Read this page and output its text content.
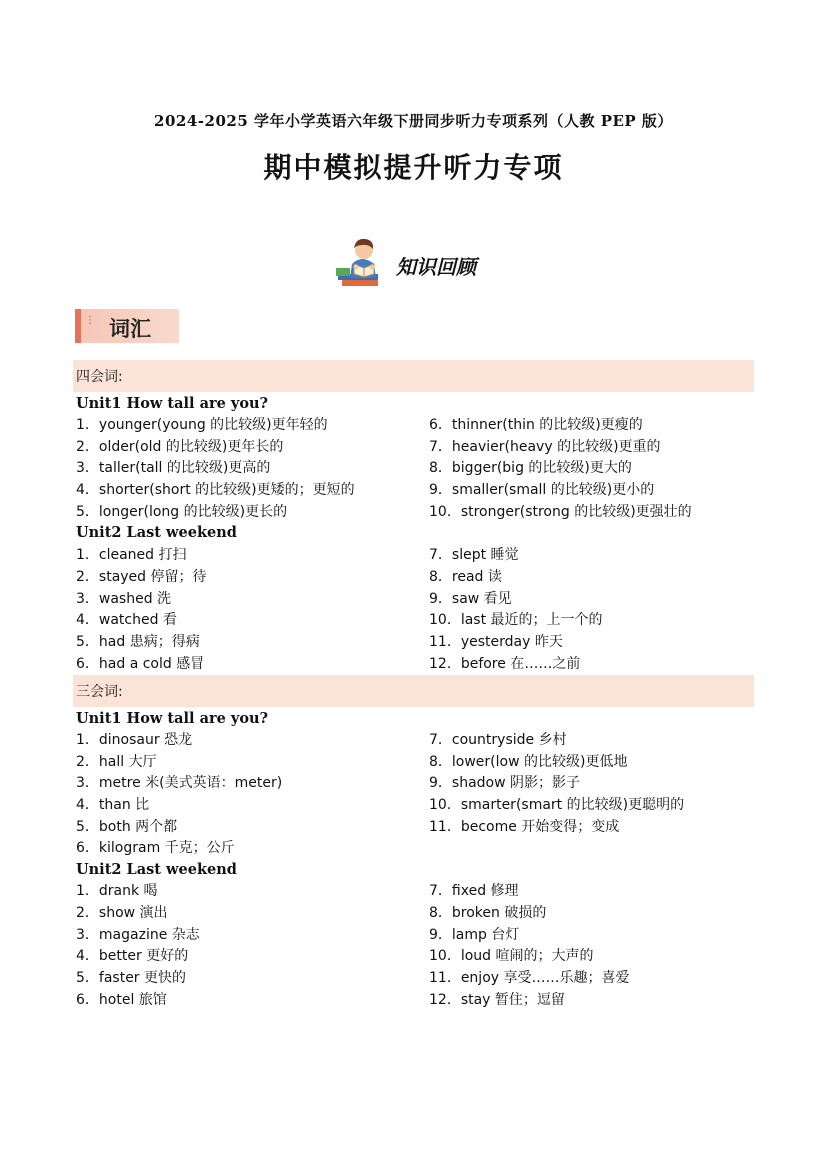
2024-2025 学年小学英语六年级下册同步听力专项系列（人教 PEP 版）
期中模拟提升听力专项
知识回顾
⋮ 词汇
四会词:
Unit1 How tall are you?
1．younger(young 的比较级)更年轻的
2．older(old 的比较级)更年长的
3．taller(tall 的比较级)更高的
4．shorter(short 的比较级)更矮的；更短的
5．longer(long 的比较级)更长的
6．thinner(thin 的比较级)更瘦的
7．heavier(heavy 的比较级)更重的
8．bigger(big 的比较级)更大的
9．smaller(small 的比较级)更小的
10．stronger(strong 的比较级)更强壮的
Unit2 Last weekend
1．cleaned 打扫
2．stayed 停留；待
3．washed 洗
4．watched 看
5．had 患病；得病
6．had a cold 感冒
7．slept 睡觉
8．read 读
9．saw 看见
10．last 最近的；上一个的
11．yesterday 昨天
12．before 在……之前
三会词:
Unit1 How tall are you?
1．dinosaur 恐龙
2．hall 大厅
3．metre 米(美式英语：meter)
4．than 比
5．both 两个都
6．kilogram 千克；公斤
7．countryside 乡村
8．lower(low 的比较级)更低地
9．shadow 阴影；影子
10．smarter(smart 的比较级)更聪明的
11．become 开始变得；变成
Unit2 Last weekend
1．drank 喝
2．show 演出
3．magazine 杂志
4．better 更好的
5．faster 更快的
6．hotel 旅馆
7．fixed 修理
8．broken 破损的
9．lamp 台灯
10．loud 喧闹的；大声的
11．enjoy 享受……乐趣；喜爱
12．stay 暂住；逗留
